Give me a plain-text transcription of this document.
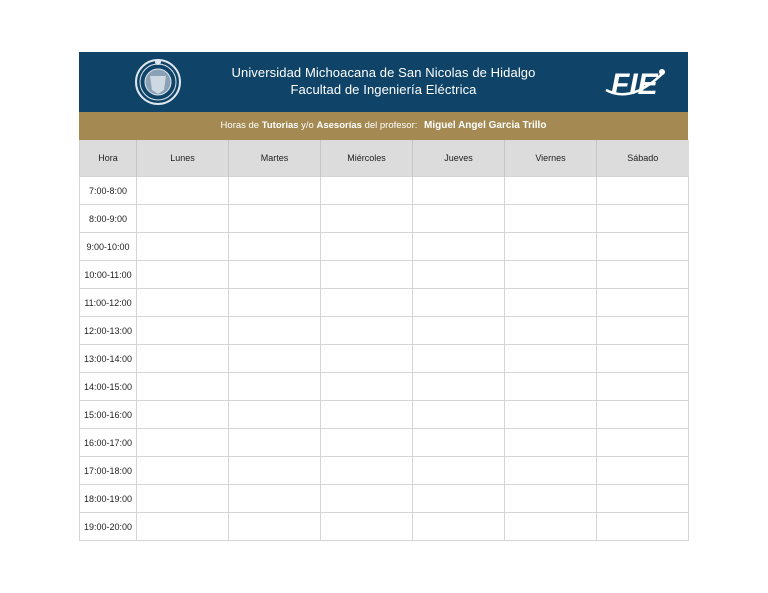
Universidad Michoacana de San Nicolas de Hidalgo
Facultad de Ingeniería Eléctrica	FIE
Horas de Tutorias y/o Asesorías del profesor: Miguel Angel Garcia Trillo
Hora	Lunes	Martes	Miércoles	Jueves	Viernes	Sábado
7:00-8:00						
8:00-9:00						
9:00-10:00						
10:00-11:00						
11:00-12:00						
12:00-13:00						
13:00-14:00						
14:00-15:00						
15:00-16:00						
16:00-17:00						
17:00-18:00						
18:00-19:00						
19:00-20:00						
